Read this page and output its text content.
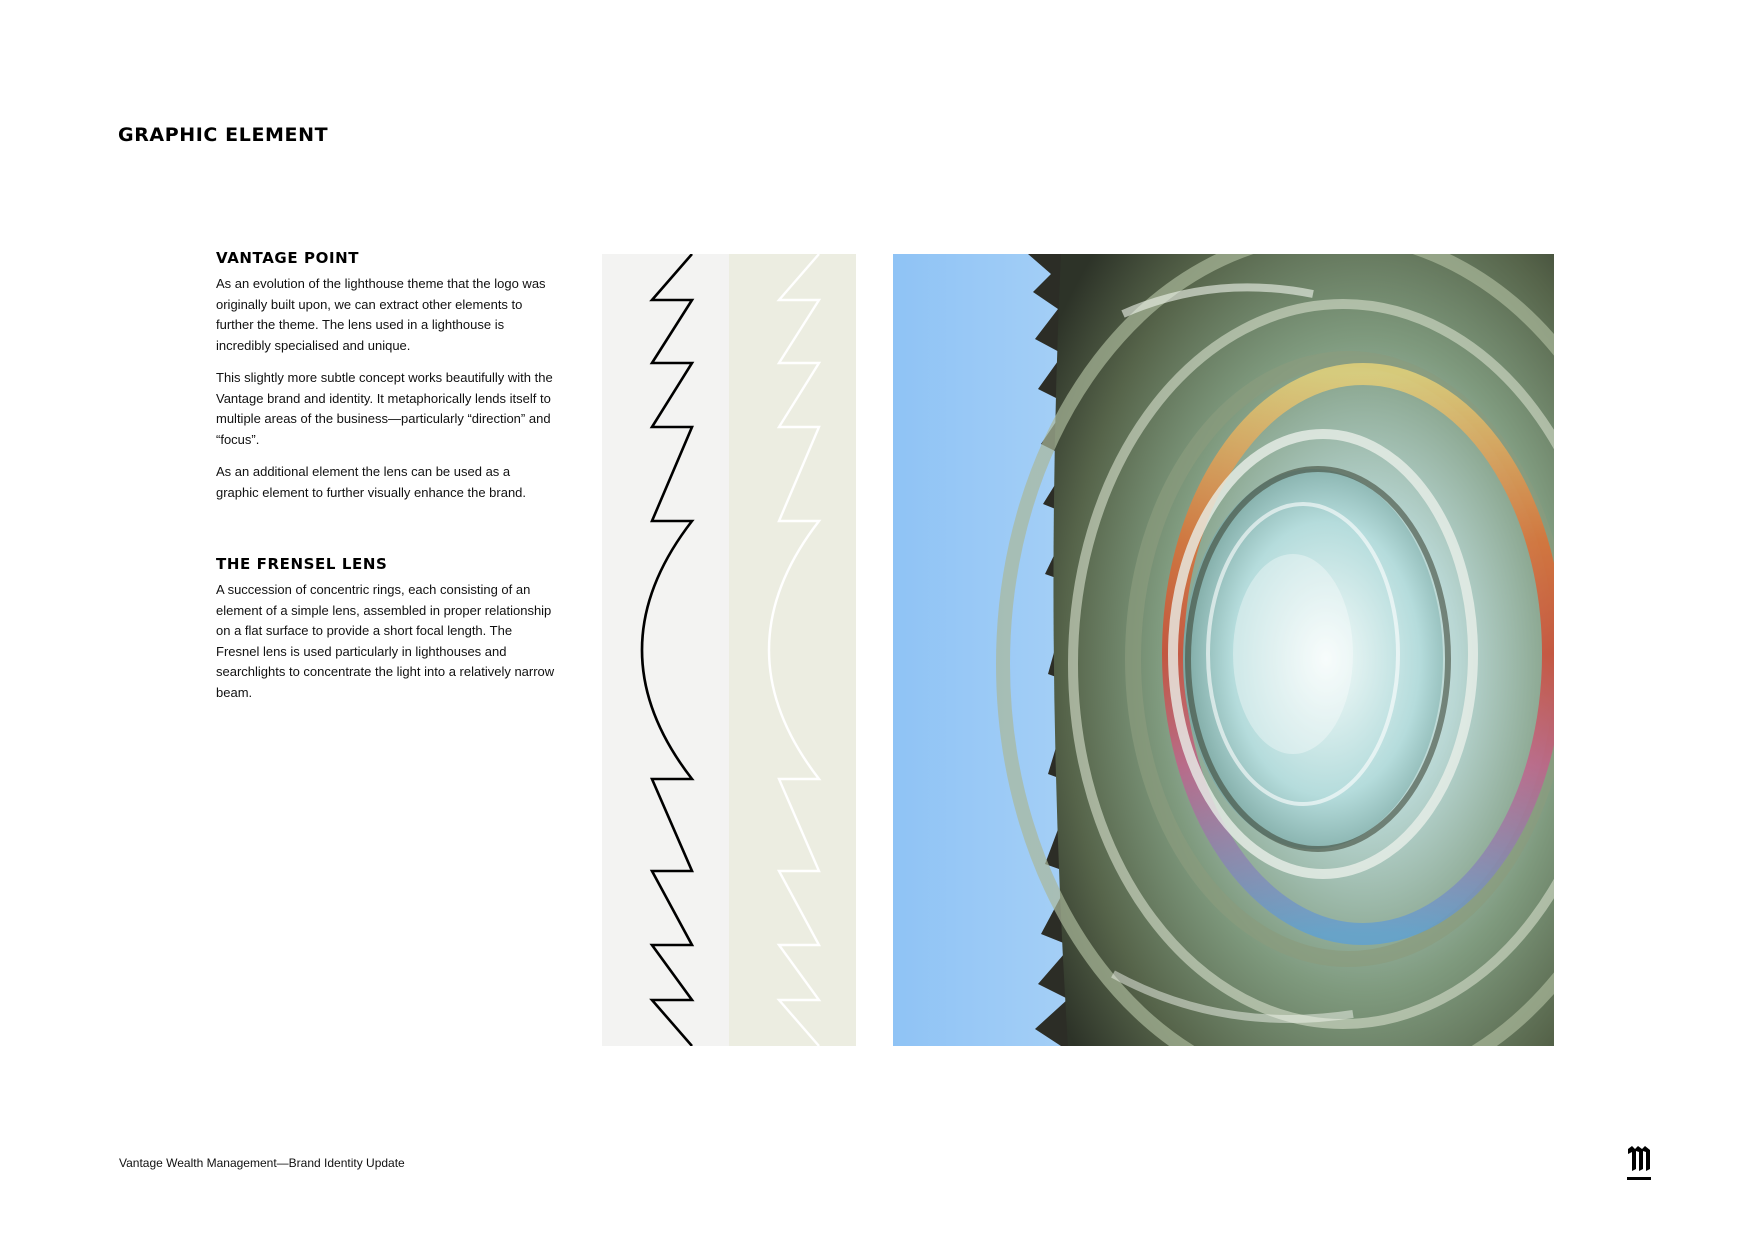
GRAPHIC ELEMENT
VANTAGE POINT

As an evolution of the lighthouse theme that the logo was originally built upon, we can extract other elements to further the theme. The lens used in a lighthouse is incredibly specialised and unique.

This slightly more subtle concept works beautifully with the Vantage brand and identity. It metaphorically lends itself to multiple areas of the business—particularly “direction” and “focus”.

As an additional element the lens can be used as a graphic element to further visually enhance the brand.

THE FRENSEL LENS

A succession of concentric rings, each consisting of an element of a simple lens, assembled in proper relationship on a flat surface to provide a short focal length. The Fresnel lens is used particularly in lighthouses and searchlights to concentrate the light into a relatively narrow beam.

Vantage Wealth Management—Brand Identity Update
